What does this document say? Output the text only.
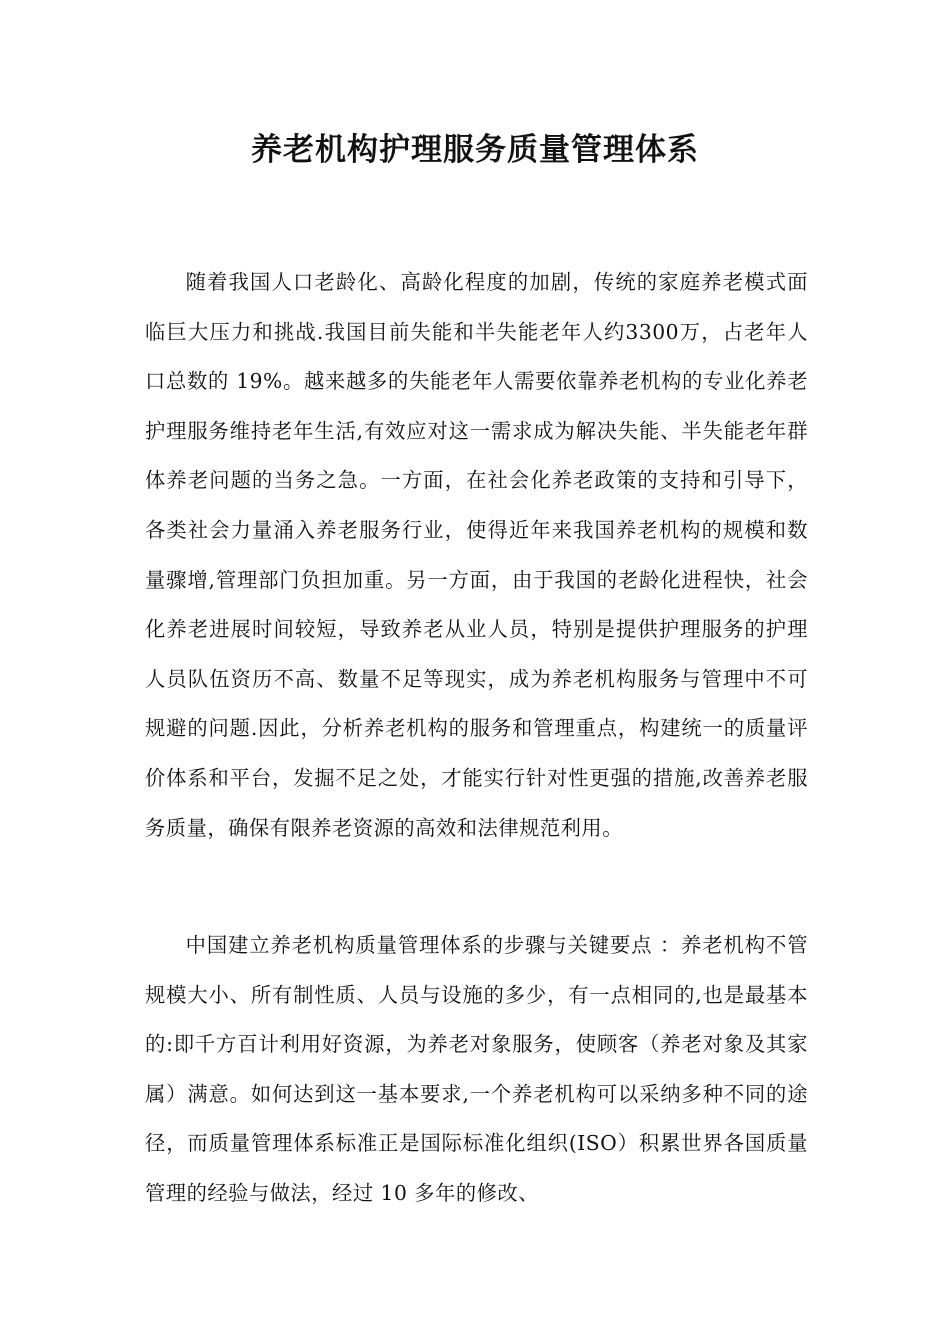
养老机构护理服务质量管理体系

随着我国人口老龄化、高龄化程度的加剧，传统的家庭养老模式面临巨大压力和挑战.我国目前失能和半失能老年人约3300万，占老年人口总数的 19%。越来越多的失能老年人需要依靠养老机构的专业化养老护理服务维持老年生活,有效应对这一需求成为解决失能、半失能老年群体养老问题的当务之急。一方面，在社会化养老政策的支持和引导下，各类社会力量涌入养老服务行业，使得近年来我国养老机构的规模和数量骤增,管理部门负担加重。另一方面，由于我国的老龄化进程快，社会化养老进展时间较短，导致养老从业人员，特别是提供护理服务的护理人员队伍资历不高、数量不足等现实，成为养老机构服务与管理中不可规避的问题.因此，分析养老机构的服务和管理重点，构建统一的质量评价体系和平台，发掘不足之处，才能实行针对性更强的措施,改善养老服务质量，确保有限养老资源的高效和法律规范利用。

中国建立养老机构质量管理体系的步骤与关键要点 ：养老机构不管规模大小、所有制性质、人员与设施的多少，有一点相同的,也是最基本的:即千方百计利用好资源，为养老对象服务，使顾客（养老对象及其家属）满意。如何达到这一基本要求,一个养老机构可以采纳多种不同的途径，而质量管理体系标准正是国际标准化组织(ISO）积累世界各国质量管理的经验与做法，经过 10 多年的修改、
